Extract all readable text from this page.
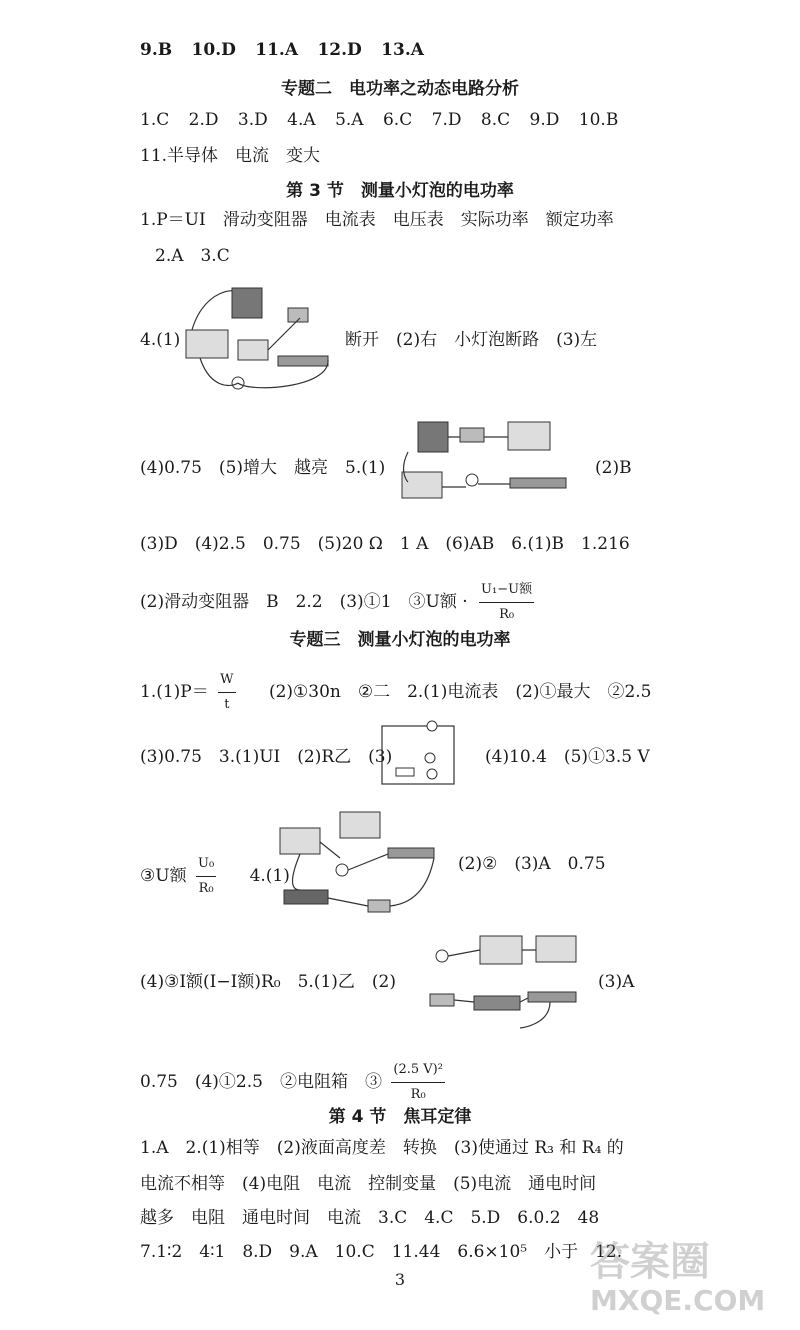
9.B 10.D 11.A 12.D 13.A
专题二　电功率之动态电路分析
1.C 2.D 3.D 4.A 5.A 6.C 7.D 8.C 9.D 10.B
11.半导体　电流　变大
第 3 节　测量小灯泡的电功率
1.P＝UI　滑动变阻器　电流表　电压表　实际功率　额定功率
2.A　3.C
4.(1)	断开　(2)右　小灯泡断路　(3)左
(4)0.75　(5)增大　越亮　5.(1)	(2)B
(3)D　(4)2.5　0.75　(5)20 Ω　1 A　(6)AB　6.(1)B　1.216
(2)滑动变阻器　B　2.2　(3)①1　③U额 · $\frac{\text{U₁−U额}}{\text{R₀}}$
专题三　测量小灯泡的电功率
$1.(1)P= \frac{W}{t}$ (2)①30n　②二　2.(1)电流表　(2)①最大　②2.5
(3)0.75　3.(1)UI　(2)R乙　(3)	(4)10.4　(5)①3.5 V
③U额 $\frac{\text{U₀}}{\text{R₀}} 4.(1)$
(2)②　(3)A　0.75
(4)③I额(I−I额)R₀　5.(1)乙　(2)	(3)A
0.75　(4)①2.5　②电阻箱　③ $\frac{\text{(2.5 V)²}}{\text{R₀}}$
第 4 节　焦耳定律
1.A　2.(1)相等　(2)液面高度差　转换　(3)使通过 R₃ 和 R₄ 的
电流不相等　(4)电阻　电流　控制变量　(5)电流　通电时间
越多　电阻　通电时间　电流　3.C　4.C　5.D　6.0.2　48
7.1∶2　4∶1　8.D　9.A　10.C　11.44　6.6×10⁵　小于　12.
3	答案圈
MXQE.COM
